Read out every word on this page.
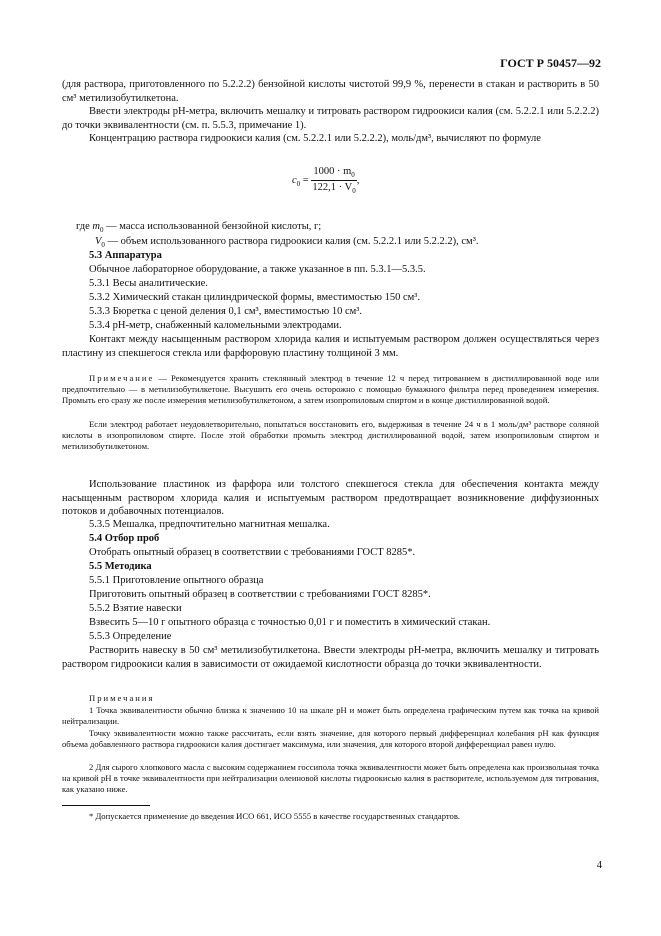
ГОСТ Р 50457—92

(для раствора, приготовленного по 5.2.2.2) бензойной кислоты чистотой 99,9 %, перенести в стакан и растворить в 50 см³ метилизобутилкетона.

Ввести электроды pH-метра, включить мешалку и титровать раствором гидроокиси калия (см. 5.2.2.1 или 5.2.2.2) до точки эквивалентности (см. п. 5.5.3, примечание 1).

Концентрацию раствора гидроокиси калия (см. 5.2.2.1 или 5.2.2.2), моль/дм³, вычисляют по формуле

$c_0 = \frac{1000 \cdot m_0}{122,1 \cdot V_0}$ ,

где $m_0$ — масса использованной бензойной кислоты, г;

$V_0$ — объем использованного раствора гидроокиси калия (см. 5.2.2.1 или 5.2.2.2), см³.

5.3 Аппаратура

Обычное лабораторное оборудование, а также указанное в пп. 5.3.1—5.3.5.

5.3.1 Весы аналитические.

5.3.2 Химический стакан цилиндрической формы, вместимостью 150 см³.

5.3.3 Бюретка с ценой деления 0,1 см³, вместимостью 10 см³.

5.3.4 pH-метр, снабженный каломельными электродами.

Контакт между насыщенным раствором хлорида калия и испытуемым раствором должен осуществляться через пластину из спекшегося стекла или фарфоровую пластину толщиной 3 мм.

Примечание — Рекомендуется хранить стеклянный электрод в течение 12 ч перед титрованием в дистиллированной воде или предпочтительно — в метилизобутилкетоне. Высушить его очень осторожно с помощью бумажного фильтра перед проведением измерения. Промыть его сразу же после измерения метилизобутилкетоном, а затем изопропиловым спиртом и в конце дистиллированной водой.

Если электрод работает неудовлетворительно, попытаться восстановить его, выдерживая в течение 24 ч в 1 моль/дм³ растворе соляной кислоты в изопропиловом спирте. После этой обработки промыть электрод дистиллированной водой, затем изопропиловым спиртом и метилизобутилкетоном.

Использование пластинок из фарфора или толстого спекшегося стекла для обеспечения контакта между насыщенным раствором хлорида калия и испытуемым раствором предотвращает возникновение диффузионных потоков и добавочных потенциалов.

5.3.5 Мешалка, предпочтительно магнитная мешалка.

5.4 Отбор проб

Отобрать опытный образец в соответствии с требованиями ГОСТ 8285*.

5.5 Методика

5.5.1 Приготовление опытного образца

Приготовить опытный образец в соответствии с требованиями ГОСТ 8285*.

5.5.2 Взятие навески

Взвесить 5—10 г опытного образца с точностью 0,01 г и поместить в химический стакан.

5.5.3 Определение

Растворить навеску в 50 см³ метилизобутилкетона. Ввести электроды pH-метра, включить мешалку и титровать раствором гидроокиси калия в зависимости от ожидаемой кислотности образца до точки эквивалентности.

Примечания

1 Точка эквивалентности обычно близка к значению 10 на шкале pH и может быть определена графическим путем как точка на кривой нейтрализации.

Точку эквивалентности можно также рассчитать, если взять значение, для которого первый дифференциал колебания pH как функция объема добавленного раствора гидроокиси калия достигает максимума, или значения, для которого второй дифференциал равен нулю.

2 Для сырого хлопкового масла с высоким содержанием госсипола точка эквивалентности может быть определена как произвольная точка на кривой pH в точке эквивалентности при нейтрализации олеиновой кислоты гидроокисью калия в растворителе, используемом для титрования, как указано ниже.

* Допускается применение до введения ИСО 661, ИСО 5555 в качестве государственных стандартов.
4
